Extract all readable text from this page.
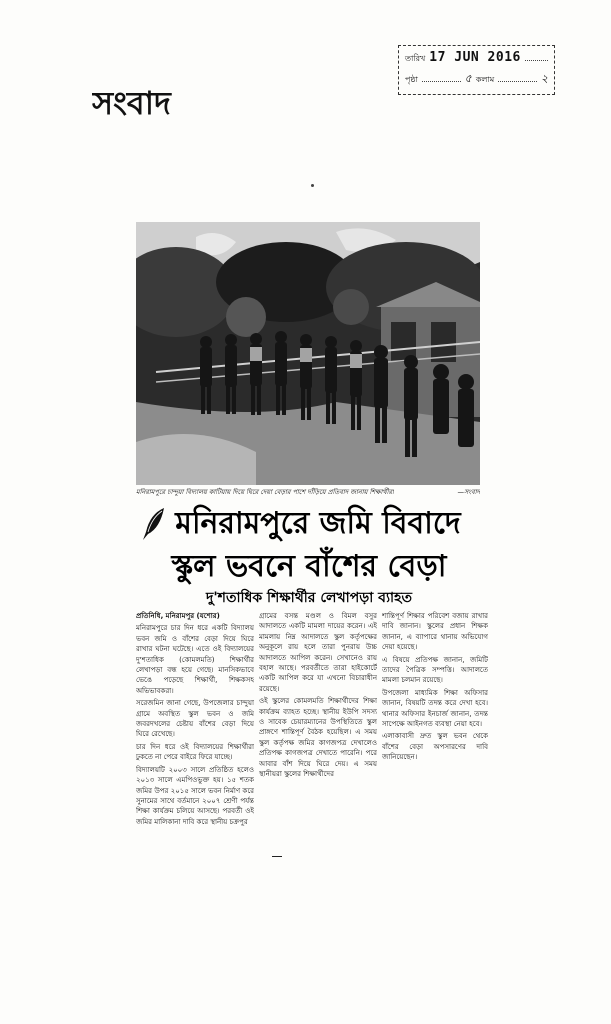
তারিখ 17 JUN 2016
পৃষ্ঠা	৫ কলাম	২
সংবাদ
মনিরামপুরে চান্দুয়া বিদ্যালয় কাটিয়ায় দিয়ে ঘিরে দেয়া বেড়ার পাশে দাঁড়িয়ে প্রতিবাদ জানায় শিক্ষার্থীরা	—সংবাদ
মনিরামপুরে জমি বিবাদে
স্কুল ভবনে বাঁশের বেড়া
দু'শতাধিক শিক্ষার্থীর লেখাপড়া ব্যাহত

প্রতিনিধি, মনিরামপুর (যশোর)

মনিরামপুরে চার দিন ধরে একটি বিদ্যালয় ভবন জমি ও বাঁশের বেড়া দিয়ে ঘিরে রাখার ঘটনা ঘটেছে। এতে ওই বিদ্যালয়ের দু'শতাধিক (কোমলমতি) শিক্ষার্থীর লেখাপড়া বন্ধ হয়ে গেছে। মানসিকভাবে ভেঙে পড়েছে শিক্ষার্থী, শিক্ষকসহ অভিভাবকরা।

সরেজমিন জানা গেছে, উপজেলার চান্দুয়া গ্রামে অবস্থিত স্কুল ভবন ও জমি জবরদখলের চেষ্টায় বাঁশের বেড়া দিয়ে ঘিরে রেখেছে।

চার দিন ধরে ওই বিদ্যালয়ের শিক্ষার্থীরা ঢুকতে না পেরে বাইরে ফিরে যাচ্ছে।

বিদ্যালয়টি ২০০৩ সালে প্রতিষ্ঠিত হলেও ২০১৩ সালে এমপিওভুক্ত হয়। ১৫ শতক জমির উপর ২০১৫ সালে ভবন নির্মাণ করে সুনামের সাথে বর্তমানে ২০০৭ শ্রেণী পর্যন্ত শিক্ষা কার্যক্রম চলিয়ে আসছে। পরবর্তী ওই জমির মালিকানা দাবি করে স্থানীয় চক্রপুর

গ্রামের বসন্ত মণ্ডল ও বিমল বসুর আদালতে একটি মামলা দায়ের করেন। এই মামলায় নিম্ন আদালতে স্কুল কর্তৃপক্ষের অনুকূলে রায় হলে তারা পুনরায় উচ্চ আদালতে আপিল করেন। সেখানেও রায় বহাল আছে। পরবর্তীতে তারা হাইকোর্টে একটি আপিল করে যা এখনো বিচারাধীন রয়েছে।

ওই স্কুলের কোমলমতি শিক্ষার্থীদের শিক্ষা কার্যক্রম ব্যাহত হচ্ছে। স্থানীয় ইউপি সদস্য ও সাবেক চেয়ারম্যানের উপস্থিতিতে স্কুল প্রাঙ্গণে শান্তিপূর্ণ বৈঠক হয়েছিল। এ সময় স্কুল কর্তৃপক্ষ জমির কাগজপত্র দেখালেও প্রতিপক্ষ কাগজপত্র দেখাতে পারেনি। পরে আবার বাঁশ দিয়ে ঘিরে দেয়। এ সময় স্থানীয়রা স্কুলের শিক্ষার্থীদের

শান্তিপূর্ণ শিক্ষার পরিবেশ বজায় রাখার দাবি জানান। স্কুলের প্রধান শিক্ষক জানান, এ ব্যাপারে থানায় অভিযোগ দেয়া হয়েছে।

এ বিষয়ে প্রতিপক্ষ জানান, জমিটি তাদের পৈত্রিক সম্পত্তি। আদালতে মামলা চলমান রয়েছে।

উপজেলা মাধ্যমিক শিক্ষা অফিসার জানান, বিষয়টি তদন্ত করে দেখা হবে। থানার অফিসার ইনচার্জ জানান, তদন্ত সাপেক্ষে আইনগত ব্যবস্থা নেয়া হবে।

এলাকাবাসী দ্রুত স্কুল ভবন থেকে বাঁশের বেড়া অপসারণের দাবি জানিয়েছেন।
